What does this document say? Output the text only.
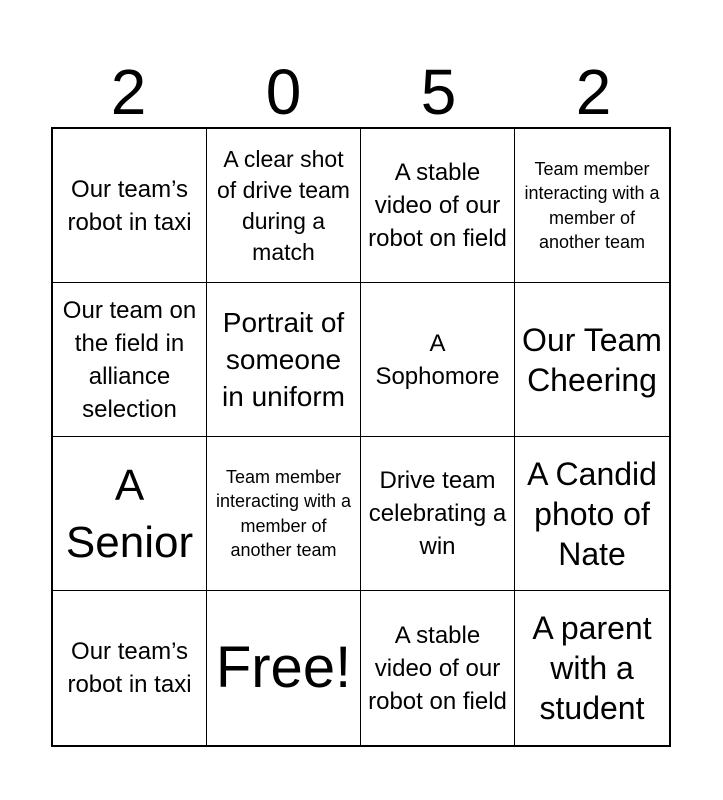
2	0	5	2
Our team’s robot in taxi
A clear shot of drive team during a match
A stable video of our robot on field
Team member interacting with a member of another team
Our team on the field in alliance selection
Portrait of someone in uniform
A Sophomore
Our Team Cheering
A Senior
Team member interacting with a member of another team
Drive team celebrating a win
A Candid photo of Nate
Our team’s robot in taxi Free!	A stable video of our robot on field
A parent with a student
